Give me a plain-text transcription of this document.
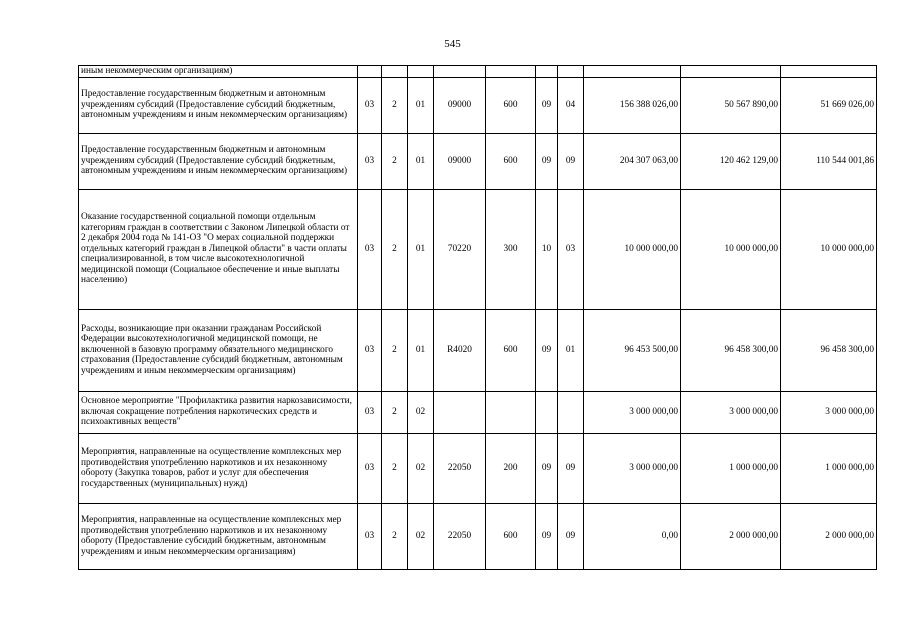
545
иным некоммерческим организациям)										
Предоставление государственным бюджетным и автономным учреждениям субсидий (Предоставление субсидий бюджетным, автономным учреждениям и иным некоммерческим организациям)	03	2	01	09000	600	09	04	156 388 026,00	50 567 890,00	51 669 026,00
Предоставление государственным бюджетным и автономным учреждениям субсидий (Предоставление субсидий бюджетным, автономным учреждениям и иным некоммерческим организациям)	03	2	01	09000	600	09	09	204 307 063,00	120 462 129,00	110 544 001,86
Оказание государственной социальной помощи отдельным категориям граждан в соответствии с Законом Липецкой области от 2 декабря 2004 года № 141-ОЗ "О мерах социальной поддержки отдельных категорий граждан в Липецкой области" в части оплаты специализированной, в том числе высокотехнологичной медицинской помощи (Социальное обеспечение и иные выплаты населению)	03	2	01	70220	300	10	03	10 000 000,00	10 000 000,00	10 000 000,00
Расходы, возникающие при оказании гражданам Российской Федерации высокотехнологичной медицинской помощи, не включенной в базовую программу обязательного медицинского страхования (Предоставление субсидий бюджетным, автономным учреждениям и иным некоммерческим организациям)	03	2	01	R4020	600	09	01	96 453 500,00	96 458 300,00	96 458 300,00
Основное мероприятие "Профилактика развития наркозависимости, включая сокращение потребления наркотических средств и психоактивных веществ"	03	2	02					3 000 000,00	3 000 000,00	3 000 000,00
Мероприятия, направленные на осуществление комплексных мер противодействия употреблению наркотиков и их незаконному обороту (Закупка товаров, работ и услуг для обеспечения государственных (муниципальных) нужд)	03	2	02	22050	200	09	09	3 000 000,00	1 000 000,00	1 000 000,00
Мероприятия, направленные на осуществление комплексных мер противодействия употреблению наркотиков и их незаконному обороту (Предоставление субсидий бюджетным, автономным учреждениям и иным некоммерческим организациям)	03	2	02	22050	600	09	09	0,00	2 000 000,00	2 000 000,00
